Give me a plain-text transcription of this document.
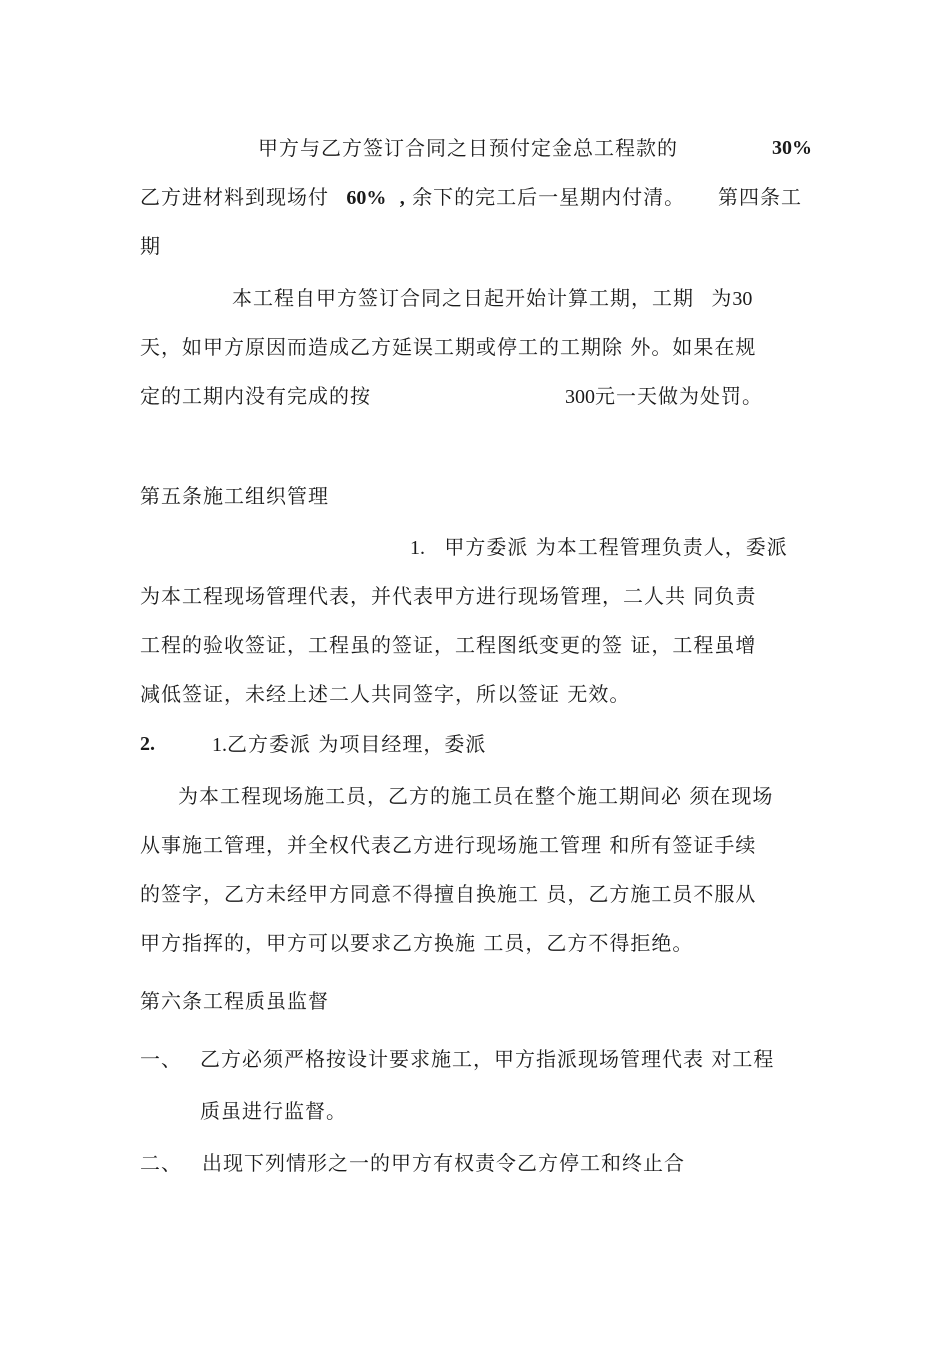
甲方与乙方签订合同之日预付定金总工程款的	30%
乙方进材料到现场付 60% , 余下的完工后一星期内付清。 第四条工
期
本工程自甲方签订合同之日起开始计算工期，工期 为30
天，如甲方原因而造成乙方延误工期或停工的工期除 外。如果在规
定的工期内没有完成的按	300元一天做为处罚。
第五条施工组织管理
1. 甲方委派 为本工程管理负责人，委派
为本工程现场管理代表，并代表甲方进行现场管理，二人共 同负责
工程的验收签证，工程虽的签证，工程图纸变更的签 证，工程虽增
减低签证，未经上述二人共同签字，所以签证 无效。
2.	1.乙方委派 为项目经理，委派
为本工程现场施工员，乙方的施工员在整个施工期间必 须在现场
从事施工管理，并全权代表乙方进行现场施工管理 和所有签证手续
的签字，乙方未经甲方同意不得擅自换施工 员，乙方施工员不服从
甲方指挥的，甲方可以要求乙方换施 工员，乙方不得拒绝。
第六条工程质虽监督
一、 乙方必须严格按设计要求施工，甲方指派现场管理代表 对工程
质虽进行监督。
二、 出现下列情形之一的甲方有权责令乙方停工和终止合
